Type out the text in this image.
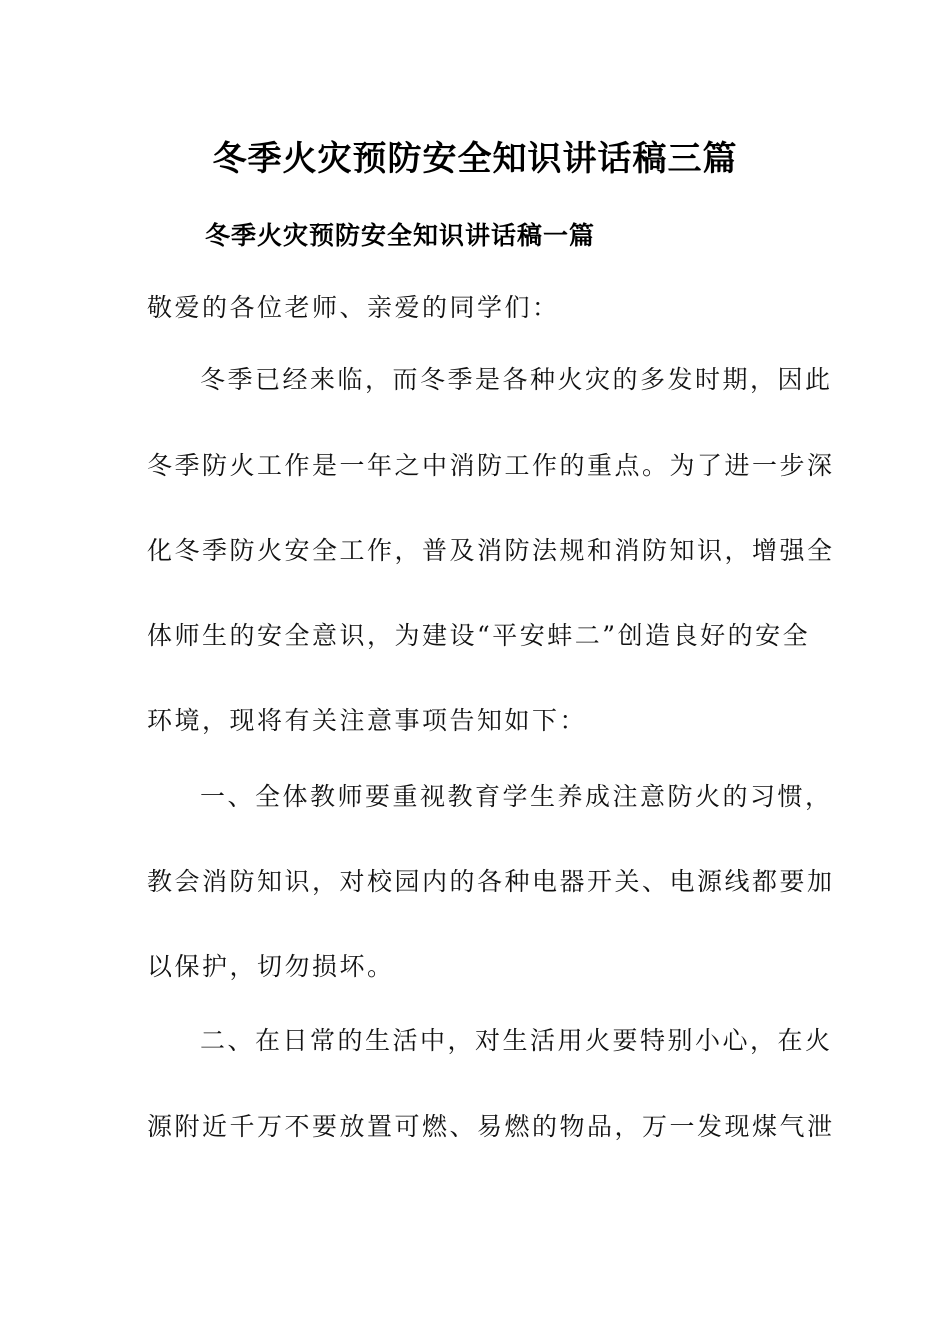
冬季火灾预防安全知识讲话稿三篇
冬季火灾预防安全知识讲话稿一篇
敬爱的各位老师、亲爱的同学们：
冬季已经来临，而冬季是各种火灾的多发时期，因此
冬季防火工作是一年之中消防工作的重点。为了进一步深
化冬季防火安全工作，普及消防法规和消防知识，增强全
体师生的安全意识，为建设“平安蚌二”创造良好的安全
环境，现将有关注意事项告知如下：
一、全体教师要重视教育学生养成注意防火的习惯，
教会消防知识，对校园内的各种电器开关、电源线都要加
以保护，切勿损坏。
二、在日常的生活中，对生活用火要特别小心，在火
源附近千万不要放置可燃、易燃的物品，万一发现煤气泄
